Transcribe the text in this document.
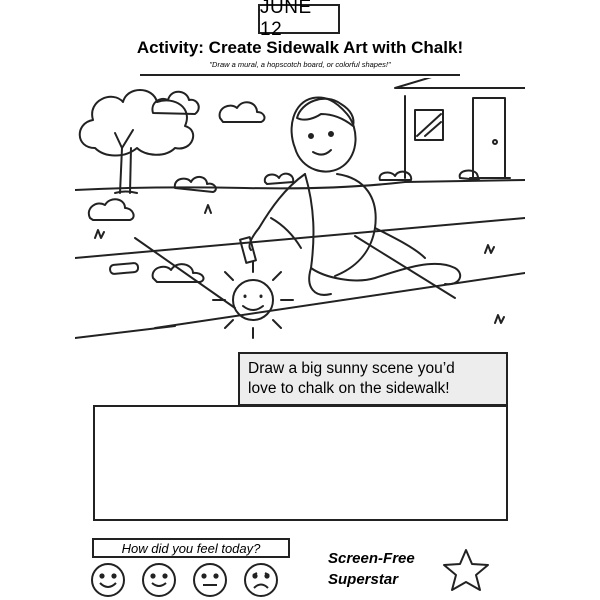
JUNE 12
Activity: Create Sidewalk Art with Chalk!
"Draw a mural, a hopscotch board, or colorful shapes!"
Draw a big sunny scene you’d
love to chalk on the sidewalk!
How did you feel today?
Screen-Free
Superstar
